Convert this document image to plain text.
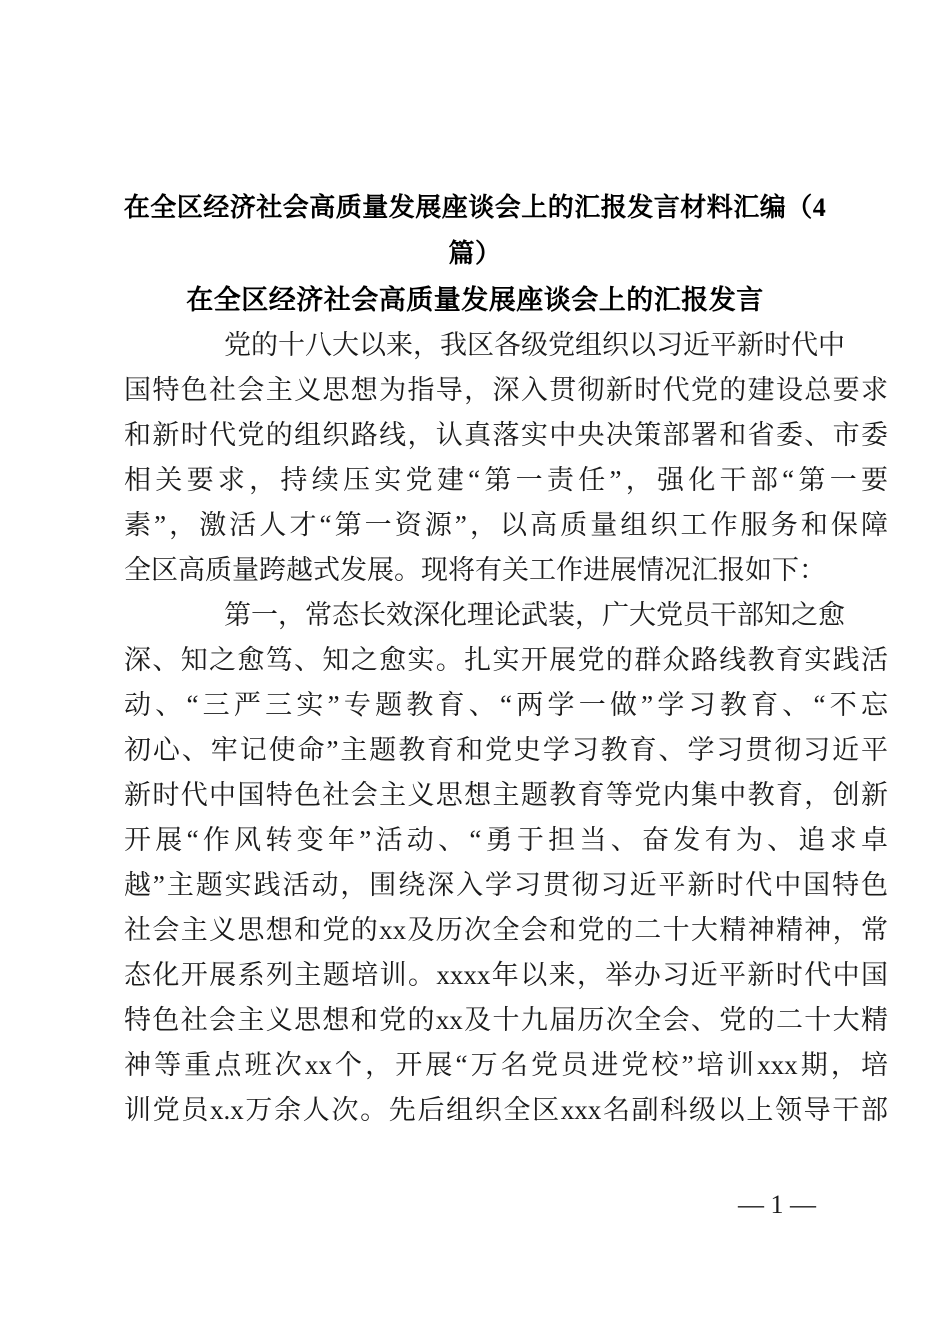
在全区经济社会高质量发展座谈会上的汇报发言材料汇编（4
篇）
在全区经济社会高质量发展座谈会上的汇报发言
党的十八大以来，我区各级党组织以习近平新时代中
国特色社会主义思想为指导，深入贯彻新时代党的建设总要求
和新时代党的组织路线，认真落实中央决策部署和省委、市委
相关要求，持续压实党建“第一责任”，强化干部“第一要
素”，激活人才“第一资源”，以高质量组织工作服务和保障
全区高质量跨越式发展。现将有关工作进展情况汇报如下：
第一，常态长效深化理论武装，广大党员干部知之愈
深、知之愈笃、知之愈实。扎实开展党的群众路线教育实践活
动、“三严三实”专题教育、“两学一做”学习教育、“不忘
初心、牢记使命”主题教育和党史学习教育、学习贯彻习近平
新时代中国特色社会主义思想主题教育等党内集中教育，创新
开展“作风转变年”活动、“勇于担当、奋发有为、追求卓
越”主题实践活动，围绕深入学习贯彻习近平新时代中国特色
社会主义思想和党的xx及历次全会和党的二十大精神精神，常
态化开展系列主题培训。xxxx年以来，举办习近平新时代中国
特色社会主义思想和党的xx及十九届历次全会、党的二十大精
神等重点班次xx个，开展“万名党员进党校”培训xxx期，培
训党员x.x万余人次。先后组织全区xxx名副科级以上领导干部
— 1 —
